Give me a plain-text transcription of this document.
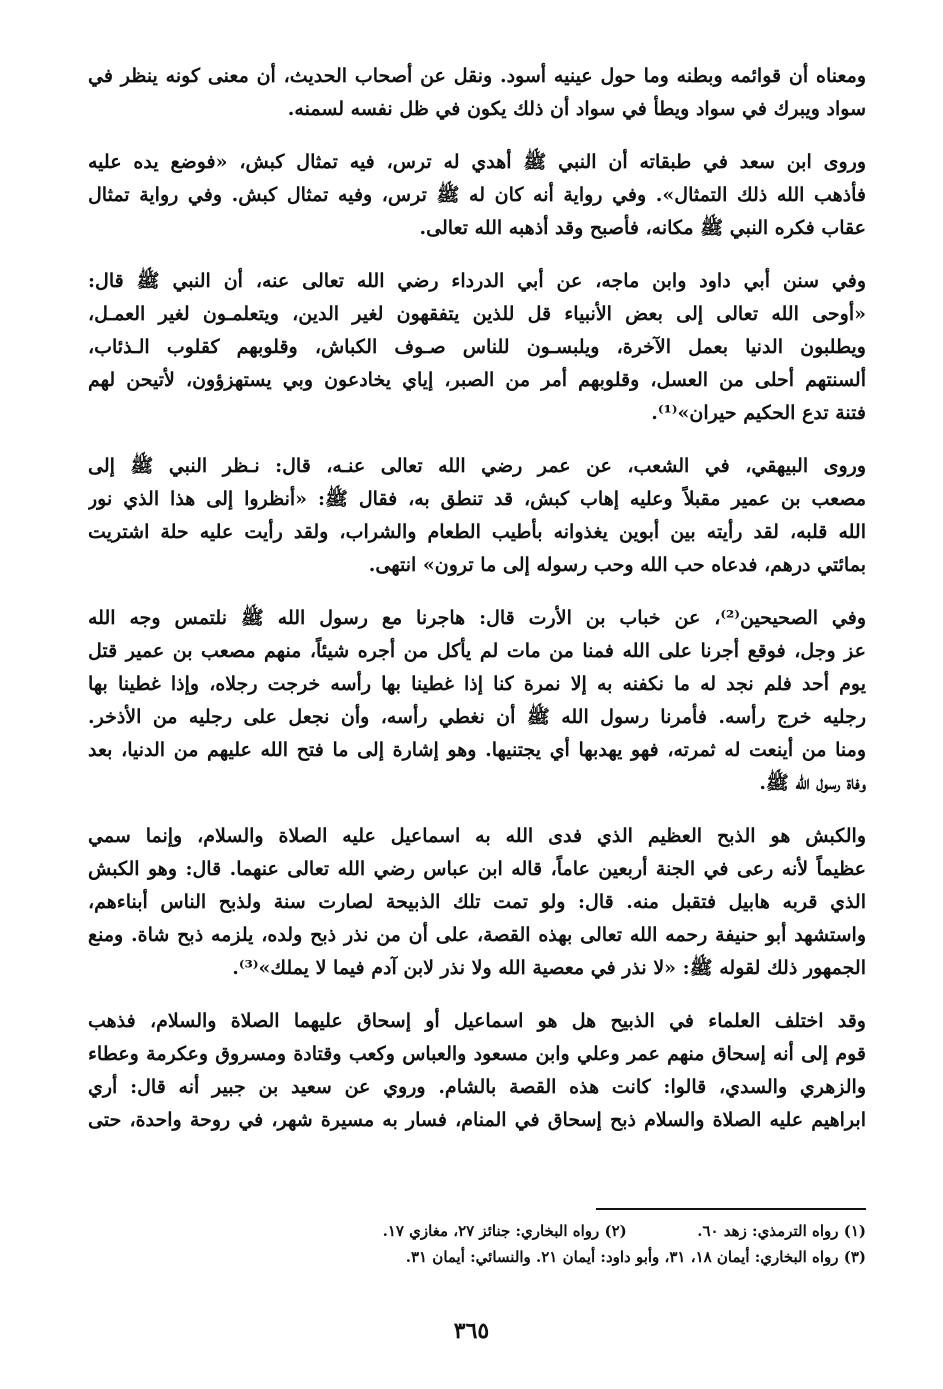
ومعناه أن قوائمه وبطنه وما حول عينيه أسود. ونقل عن أصحاب الحديث، أن معنى كونه ينظر في
سواد ويبرك في سواد ويطأ في سواد أن ذلك يكون في ظل نفسه لسمنه.

وروى ابن سعد في طبقاته أن النبي ﷺ أهدي له ترس، فيه تمثال كبش، «فوضع يده عليه
فأذهب الله ذلك التمثال». وفي رواية أنه كان له ﷺ ترس، وفيه تمثال كبش. وفي رواية تمثال
عقاب فكره النبي ﷺ مكانه، فأصبح وقد أذهبه الله تعالى.

وفي سنن أبي داود وابن ماجه، عن أبي الدرداء رضي الله تعالى عنه، أن النبي ﷺ قال:
«أوحى الله تعالى إلى بعض الأنبياء قل للذين يتفقهون لغير الدين، ويتعلمـون لغير العمـل،
ويطلبون الدنيا بعمل الآخرة، ويلبسـون للناس صـوف الكباش، وقلوبهم كقلوب الـذئاب،
ألسنتهم أحلى من العسل، وقلوبهم أمر من الصبر، إياي يخادعون وبي يستهزؤون، لأتيحن لهم
فتنة تدع الحكيم حيران»⁽¹⁾.

وروى البيهقي، في الشعب، عن عمر رضي الله تعالى عنـه، قال: نـظر النبي ﷺ إلى
مصعب بن عمير مقبلاً وعليه إهاب كبش، قد تنطق به، فقال ﷺ: «أنظروا إلى هذا الذي نور
الله قلبه، لقد رأيته بين أبوين يغذوانه بأطيب الطعام والشراب، ولقد رأيت عليه حلة اشتريت
بمائتي درهم، فدعاه حب الله وحب رسوله إلى ما ترون» انتهى.

وفي الصحيحين⁽²⁾، عن خباب بن الأرت قال: هاجرنا مع رسول الله ﷺ نلتمس وجه الله
عز وجل، فوقع أجرنا على الله فمنا من مات لم يأكل من أجره شيئاً، منهم مصعب بن عمير قتل
يوم أحد فلم نجد له ما نكفنه به إلا نمرة كنا إذا غطينا بها رأسه خرجت رجلاه، وإذا غطينا بها
رجليه خرج رأسه. فأمرنا رسول الله ﷺ أن نغطي رأسه، وأن نجعل على رجليه من الأذخر.
ومنا من أينعت له ثمرته، فهو يهدبها أي يجتنيها. وهو إشارة إلى ما فتح الله عليهم من الدنيا، بعد
وفاة رسول الله ﷺ.

والكبش هو الذبح العظيم الذي فدى الله به اسماعيل عليه الصلاة والسلام، وإنما سمي
عظيماً لأنه رعى في الجنة أربعين عاماً، قاله ابن عباس رضي الله تعالى عنهما. قال: وهو الكبش
الذي قربه هابيل فتقبل منه. قال: ولو تمت تلك الذبيحة لصارت سنة ولذبح الناس أبناءهم،
واستشهد أبو حنيفة رحمه الله تعالى بهذه القصة، على أن من نذر ذبح ولده، يلزمه ذبح شاة. ومنع
الجمهور ذلك لقوله ﷺ: «لا نذر في معصية الله ولا نذر لابن آدم فيما لا يملك»⁽³⁾.

وقد اختلف العلماء في الذبيح هل هو اسماعيل أو إسحاق عليهما الصلاة والسلام، فذهب
قوم إلى أنه إسحاق منهم عمر وعلي وابن مسعود والعباس وكعب وقتادة ومسروق وعكرمة وعطاء
والزهري والسدي، قالوا: كانت هذه القصة بالشام. وروي عن سعيد بن جبير أنه قال: أري
ابراهيم عليه الصلاة والسلام ذبح إسحاق في المنام، فسار به مسيرة شهر، في روحة واحدة، حتى

(١) رواه الترمذي: زهد ٦٠.  (٢) رواه البخاري: جنائز ٢٧، مغازي ١٧.
(٣) رواه البخاري: أيمان ١٨، ٣١، وأبو داود: أيمان ٢١. والنسائي: أيمان ٣١.
٣٦٥
